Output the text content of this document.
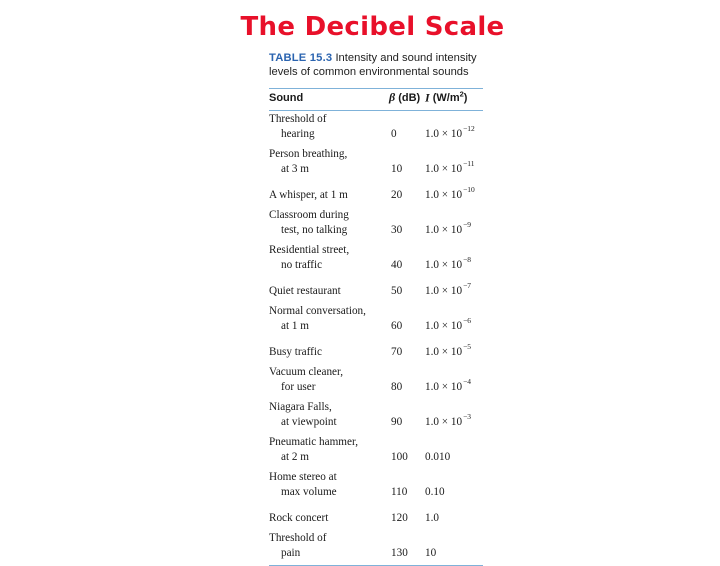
The Decibel Scale
TABLE 15.3 Intensity and sound intensity levels of common environmental sounds
Sound	β (dB)	I $(W/m^2)$
Threshold of
hearing	0	$1.0 \times 10^{-12}$
Person breathing,
at 3 m	10	$1.0 \times 10^{-11}$
A whisper, at 1 m	20	$1.0 \times 10^{-10}$
Classroom during
test, no talking	30	$1.0 \times 10^{-9}$
Residential street,
no traffic	40	$1.0 \times 10^{-8}$
Quiet restaurant	50	$1.0 \times 10^{-7}$
Normal conversation,
at 1 m	60	$1.0 \times 10^{-6}$
Busy traffic	70	$1.0 \times 10^{-5}$
Vacuum cleaner,
for user	80	$1.0 \times 10^{-4}$
Niagara Falls,
at viewpoint	90	$1.0 \times 10^{-3}$
Pneumatic hammer,
at 2 m	100	0.010
Home stereo at
max volume	110	0.10
Rock concert	120	1.0
Threshold of
pain	130	10
